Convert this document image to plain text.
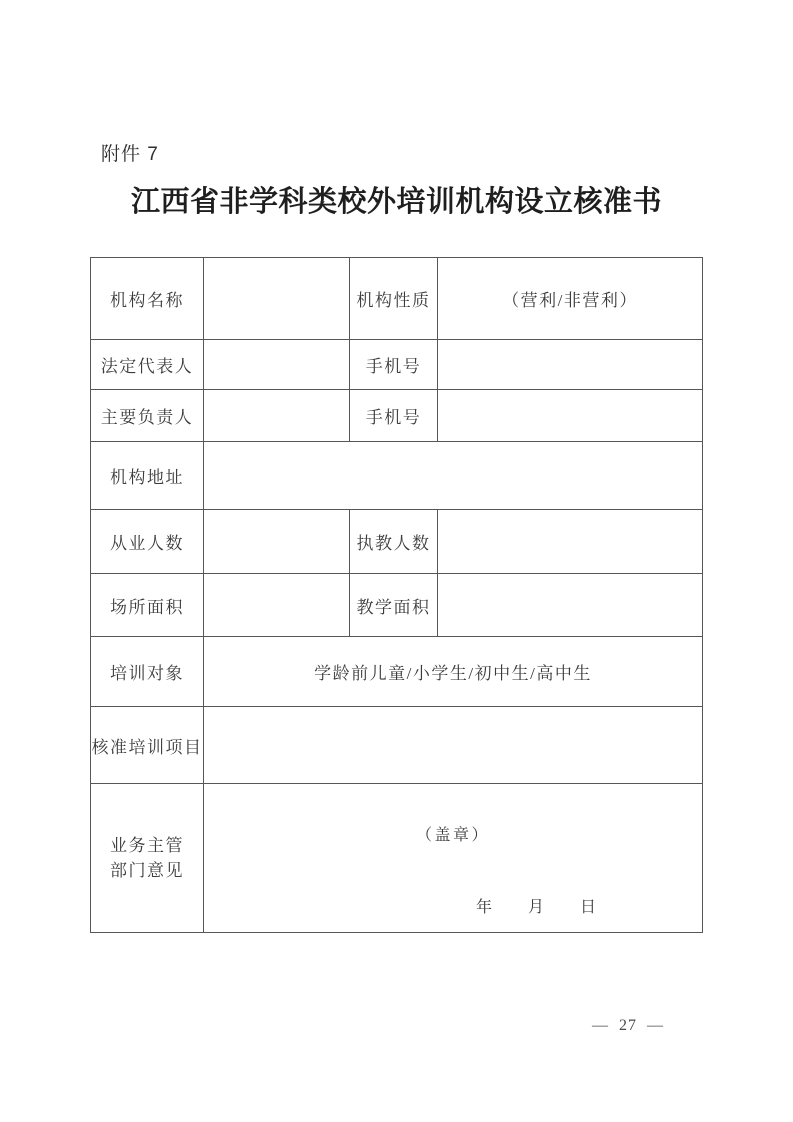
附件 7
江西省非学科类校外培训机构设立核准书
机构名称		机构性质	（营利/非营利）
法定代表人		手机号	
主要负责人		手机号	
机构地址			
从业人数		执教人数	
场所面积		教学面积	
培训对象	学龄前儿童/小学生/初中生/高中生		
核准培训项目			

业务主管
部门意见

（盖章）
年 月 日
— 27 —
